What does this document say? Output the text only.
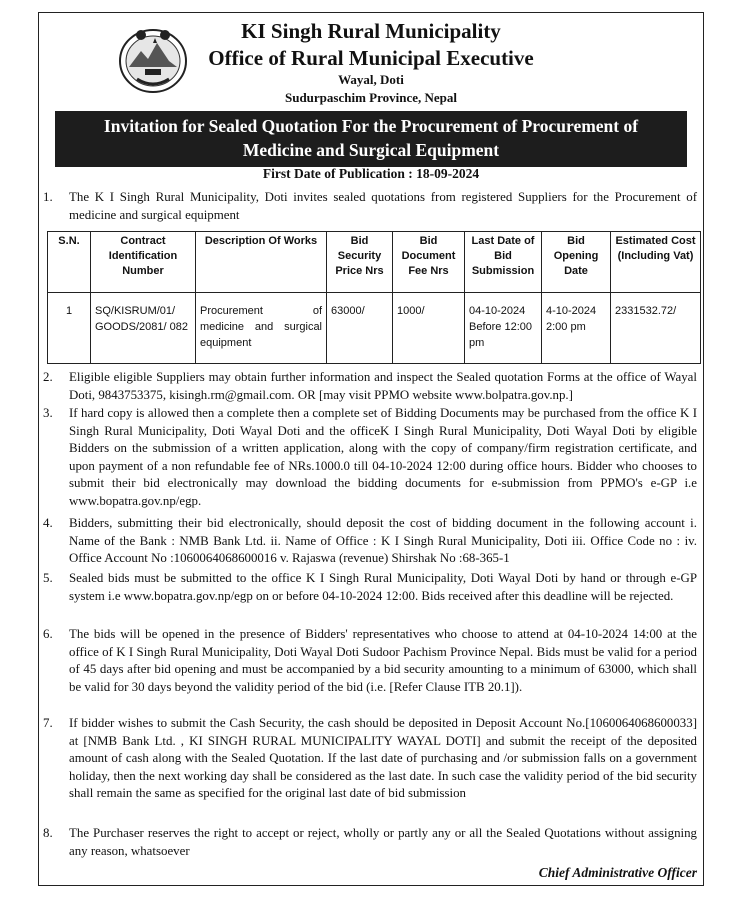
KI Singh Rural Municipality
Office of Rural Municipal Executive
Wayal, Doti
Sudurpaschim Province, Nepal
Invitation for Sealed Quotation For the Procurement of Procurement of
Medicine and Surgical Equipment
First Date of Publication : 18-09-2024
1. The K I Singh Rural Municipality, Doti invites sealed quotations from registered Suppliers for the Procurement of medicine and surgical equipment
S.N.	Contract Identification Number	Description Of Works	Bid Security Price Nrs	Bid Document Fee Nrs	Last Date of Bid Submission	Bid Opening Date	Estimated Cost (Including Vat)
1	SQ/KISRUM/01/ GOODS/2081/ 082	Procurement of medicine and surgical equipment	63000/	1000/	04-10-2024 Before 12:00 pm	4-10-2024 2:00 pm	2331532.72/
2. Eligible eligible Suppliers may obtain further information and inspect the Sealed quotation Forms at the office of Wayal Doti, 9843753375, kisingh.rm@gmail.com. OR [may visit PPMO website www.bolpatra.gov.np.]
3. If hard copy is allowed then a complete then a complete set of Bidding Documents may be purchased from the office K I Singh Rural Municipality, Doti Wayal Doti and the officeK I Singh Rural Municipality, Doti Wayal Doti by eligible Bidders on the submission of a written application, along with the copy of company/firm registration certificate, and upon payment of a non refundable fee of NRs.1000.0 till 04-10-2024 12:00 during office hours. Bidder who chooses to submit their bid electronically may download the bidding documents for e-submission from PPMO's e-GP i.e www.bopatra.gov.np/egp.
4. Bidders, submitting their bid electronically, should deposit the cost of bidding document in the following account i. Name of the Bank : NMB Bank Ltd. ii. Name of Office : K I Singh Rural Municipality, Doti iii. Office Code no : iv. Office Account No :1060064068600016 v. Rajaswa (revenue) Shirshak No :68-365-1
5. Sealed bids must be submitted to the office K I Singh Rural Municipality, Doti Wayal Doti by hand or through e-GP system i.e www.bopatra.gov.np/egp on or before 04-10-2024 12:00. Bids received after this deadline will be rejected.
6. The bids will be opened in the presence of Bidders' representatives who choose to attend at 04-10-2024 14:00 at the office of K I Singh Rural Municipality, Doti Wayal Doti Sudoor Pachism Province Nepal. Bids must be valid for a period of 45 days after bid opening and must be accompanied by a bid security amounting to a minimum of 63000, which shall be valid for 30 days beyond the validity period of the bid (i.e. [Refer Clause ITB 20.1]).
7. If bidder wishes to submit the Cash Security, the cash should be deposited in Deposit Account No.[1060064068600033] at [NMB Bank Ltd. , KI SINGH RURAL MUNICIPALITY WAYAL DOTI] and submit the receipt of the deposited amount of cash along with the Sealed Quotation. If the last date of purchasing and /or submission falls on a government holiday, then the next working day shall be considered as the last date. In such case the validity period of the bid security shall remain the same as specified for the original last date of bid submission
8. The Purchaser reserves the right to accept or reject, wholly or partly any or all the Sealed Quotations without assigning any reason, whatsoever
Chief Administrative Officer
